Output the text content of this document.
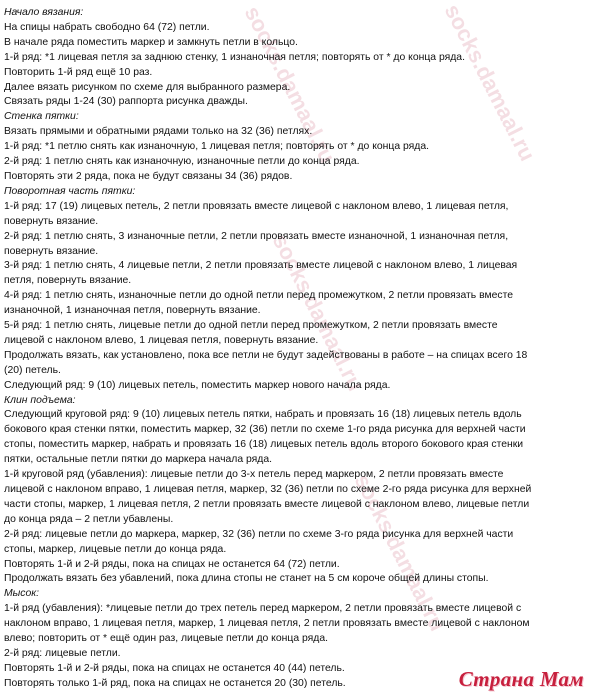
socks.damaal.ru	socks.damaal.ru
socks.damaal.ru
socks.damaal.ru

Начало вязания:

На спицы набрать свободно 64 (72) петли.

В начале ряда поместить маркер и замкнуть петли в кольцо.

1-й ряд: *1 лицевая петля за заднюю стенку, 1 изнаночная петля; повторять от * до конца ряда.

Повторить 1-й ряд ещё 10 раз.

Далее вязать рисунком по схеме для выбранного размера.

Связать ряды 1-24 (30) раппорта рисунка дважды.

Стенка пятки:

Вязать прямыми и обратными рядами только на 32 (36) петлях.

1-й ряд: *1 петлю снять как изнаночную, 1 лицевая петля; повторять от * до конца ряда.

2-й ряд: 1 петлю снять как изнаночную, изнаночные петли до конца ряда.

Повторять эти 2 ряда, пока не будут связаны 34 (36) рядов.

Поворотная часть пятки:

1-й ряд: 17 (19) лицевых петель, 2 петли провязать вместе лицевой с наклоном влево, 1 лицевая петля,

повернуть вязание.

2-й ряд: 1 петлю снять, 3 изнаночные петли, 2 петли провязать вместе изнаночной, 1 изнаночная петля,

повернуть вязание.

3-й ряд: 1 петлю снять, 4 лицевые петли, 2 петли провязать вместе лицевой с наклоном влево, 1 лицевая

петля, повернуть вязание.

4-й ряд: 1 петлю снять, изнаночные петли до одной петли перед промежутком, 2 петли провязать вместе

изнаночной, 1 изнаночная петля, повернуть вязание.

5-й ряд: 1 петлю снять, лицевые петли до одной петли перед промежутком, 2 петли провязать вместе

лицевой с наклоном влево, 1 лицевая петля, повернуть вязание.

Продолжать вязать, как установлено, пока все петли не будут задействованы в работе – на спицах всего 18

(20) петель.

Следующий ряд: 9 (10) лицевых петель, поместить маркер нового начала ряда.

Клин подъема:

Следующий круговой ряд: 9 (10) лицевых петель пятки, набрать и провязать 16 (18) лицевых петель вдоль

бокового края стенки пятки, поместить маркер, 32 (36) петли по схеме 1-го ряда рисунка для верхней части

стопы, поместить маркер, набрать и провязать 16 (18) лицевых петель вдоль второго бокового края стенки

пятки, остальные петли пятки до маркера начала ряда.

1-й круговой ряд (убавления): лицевые петли до 3-х петель перед маркером, 2 петли провязать вместе

лицевой с наклоном вправо, 1 лицевая петля, маркер, 32 (36) петли по схеме 2-го ряда рисунка для верхней

части стопы, маркер, 1 лицевая петля, 2 петли провязать вместе лицевой с наклоном влево, лицевые петли

до конца ряда – 2 петли убавлены.

2-й ряд: лицевые петли до маркера, маркер, 32 (36) петли по схеме 3-го ряда рисунка для верхней части

стопы, маркер, лицевые петли до конца ряда.

Повторять 1-й и 2-й ряды, пока на спицах не останется 64 (72) петли.

Продолжать вязать без убавлений, пока длина стопы не станет на 5 см короче общей длины стопы.

Мысок:

1-й ряд (убавления): *лицевые петли до трех петель перед маркером, 2 петли провязать вместе лицевой с

наклоном вправо, 1 лицевая петля, маркер, 1 лицевая петля, 2 петли провязать вместе лицевой с наклоном

влево; повторить от * ещё один раз, лицевые петли до конца ряда.

2-й ряд: лицевые петли.

Повторять 1-й и 2-й ряды, пока на спицах не останется 40 (44) петель.

Повторять только 1-й ряд, пока на спицах не останется 20 (30) петель.	Страна Мам
